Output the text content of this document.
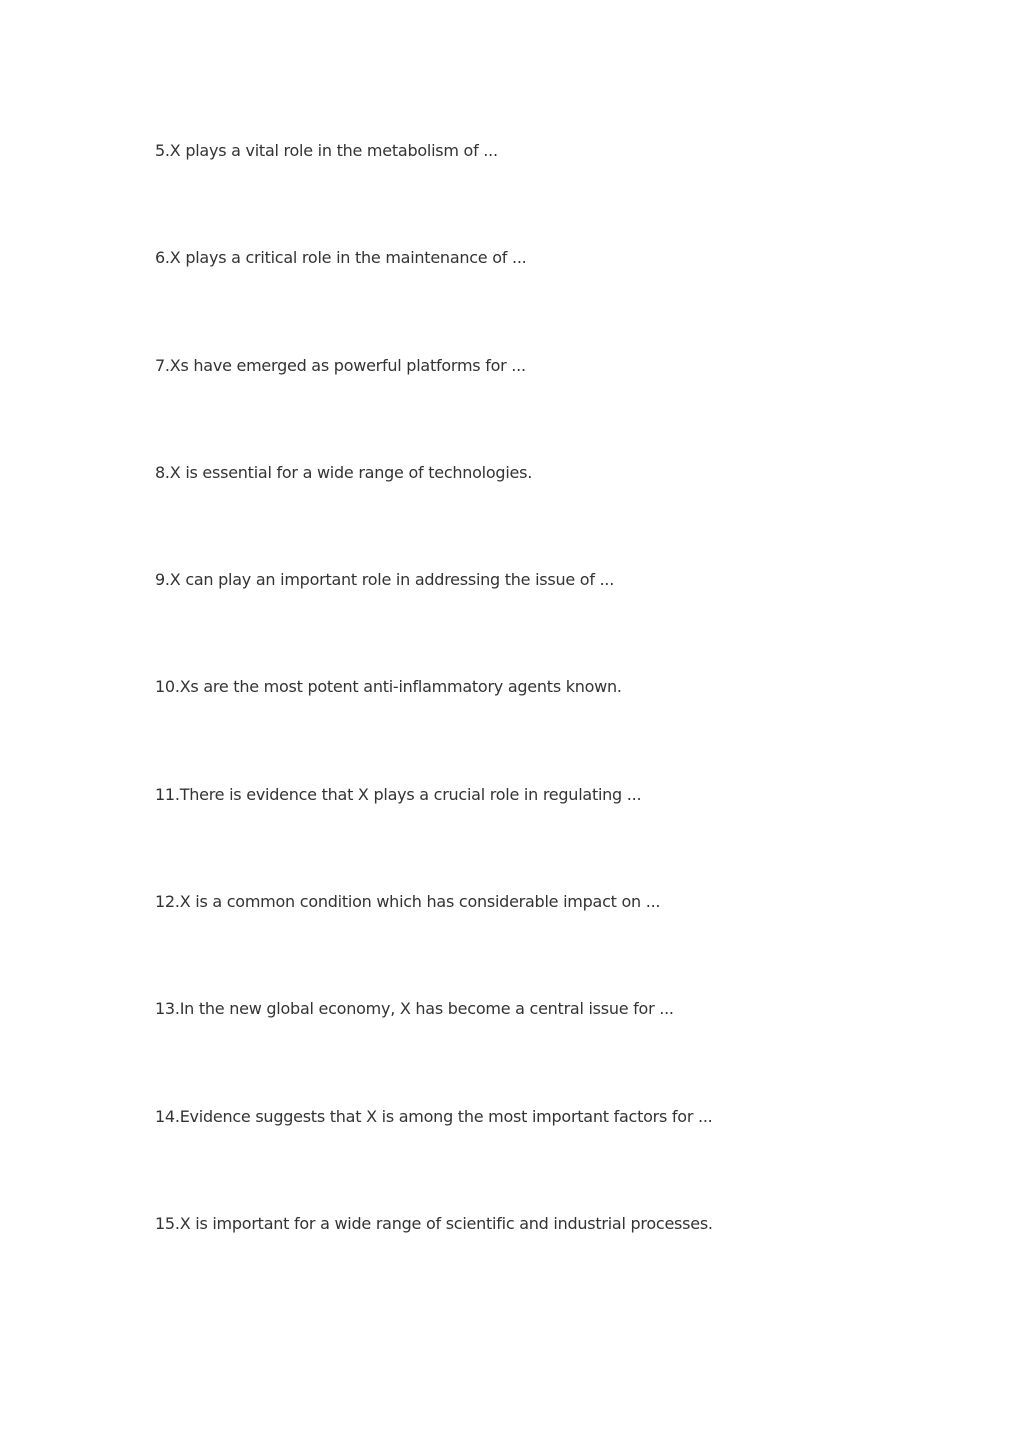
5.X plays a vital role in the metabolism of ...
6.X plays a critical role in the maintenance of ...
7.Xs have emerged as powerful platforms for ...
8.X is essential for a wide range of technologies.
9.X can play an important role in addressing the issue of ...
10.Xs are the most potent anti-inflammatory agents known.
11.There is evidence that X plays a crucial role in regulating ...
12.X is a common condition which has considerable impact on ...
13.In the new global economy, X has become a central issue for ...
14.Evidence suggests that X is among the most important factors for ...
15.X is important for a wide range of scientific and industrial processes.
